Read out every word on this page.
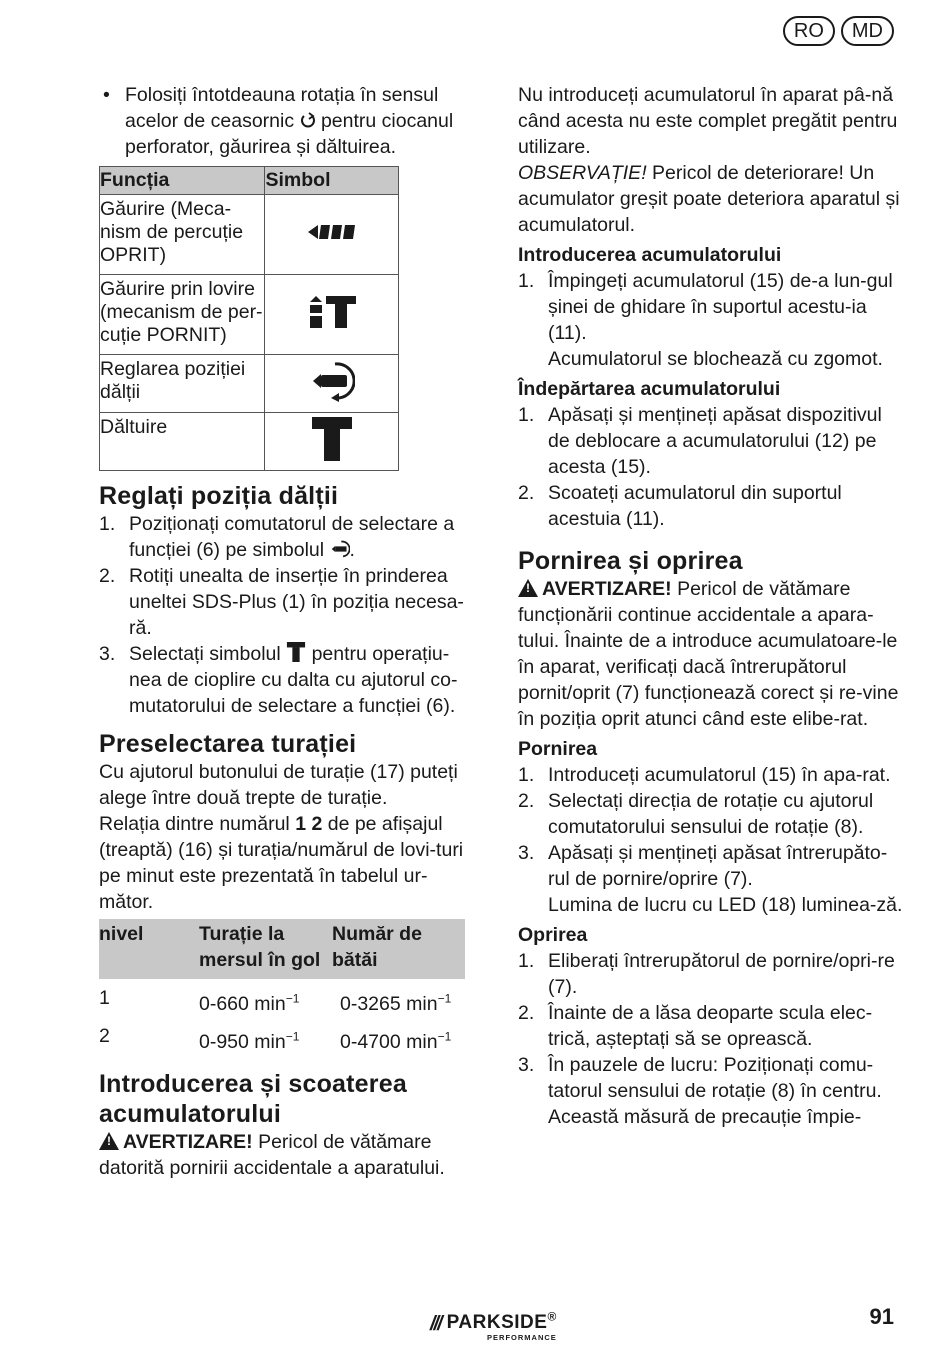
RO	MD
• Folosiți întotdeauna rotația în sensul acelor de ceasornic pentru ciocanul perforator, găurirea și dăltuirea.

Funcția	Simbol
Găurire (Meca-nism de percuție OPRIT)	
Găurire prin lovire (mecanism de per-cuție PORNIT)	
Reglarea poziției dălții	
Dăltuire	
Reglați poziția dălții
1. Poziționați comutatorul de selectare a funcției (6) pe simbolul .
2. Rotiți unealta de inserție în prinderea uneltei SDS-Plus (1) în poziția necesa-ră.
3. Selectați simbolul pentru operațiu-nea de cioplire cu dalta cu ajutorul co-mutatorului de selectare a funcției (6).
Preselectarea turației

Cu ajutorul butonului de turație (17) puteți alege între două trepte de turație.

Relația dintre numărul 1 2 de pe afișajul (treaptă) (16) și turația/numărul de lovi-turi pe minut este prezentată în tabelul ur-mător.

nivel	Turație la mersul în gol	Număr de bătăi
1	0-660 $\min^{-1}$	0-3265 $\min^{-1}$
2	0-950 $\min^{-1}$	0-4700 $\min^{-1}$
Introducerea și scoaterea acumulatorului

!AVERTIZARE! Pericol de vătămare datorită pornirii accidentale a aparatului.

Nu introduceți acumulatorul în aparat pâ-nă când acesta nu este complet pregătit pentru utilizare.

OBSERVAȚIE! Pericol de deteriorare! Un acumulator greșit poate deteriora aparatul și acumulatorul.

Introducerea acumulatorului
1. Împingeți acumulatorul (15) de-a lun-gul șinei de ghidare în suportul acestu-ia (11).
Acumulatorul se blochează cu zgomot.
Îndepărtarea acumulatorului
1. Apăsați și mențineți apăsat dispozitivul de deblocare a acumulatorului (12) pe acesta (15).
2. Scoateți acumulatorul din suportul acestuia (11).
Pornirea și oprirea

!AVERTIZARE! Pericol de vătămare funcționării continue accidentale a apara-tului. Înainte de a introduce acumulatoare-le în aparat, verificați dacă întrerupătorul pornit/oprit (7) funcționează corect și re-vine în poziția oprit atunci când este elibe-rat.

Pornirea
1. Introduceți acumulatorul (15) în apa-rat.
2. Selectați direcția de rotație cu ajutorul comutatorului sensului de rotație (8).
3. Apăsați și mențineți apăsat întrerupăto-rul de pornire/oprire (7).
Lumina de lucru cu LED (18) luminea-ză.
Oprirea
1. Eliberați întrerupătorul de pornire/opri-re (7).
2. Înainte de a lăsa deoparte scula elec-trică, așteptați să se oprească.
3. În pauzele de lucru: Poziționați comu-tatorul sensului de rotație (8) în centru. Această măsură de precauție împie-
/// PARKSIDE®
PERFORMANCE
91
